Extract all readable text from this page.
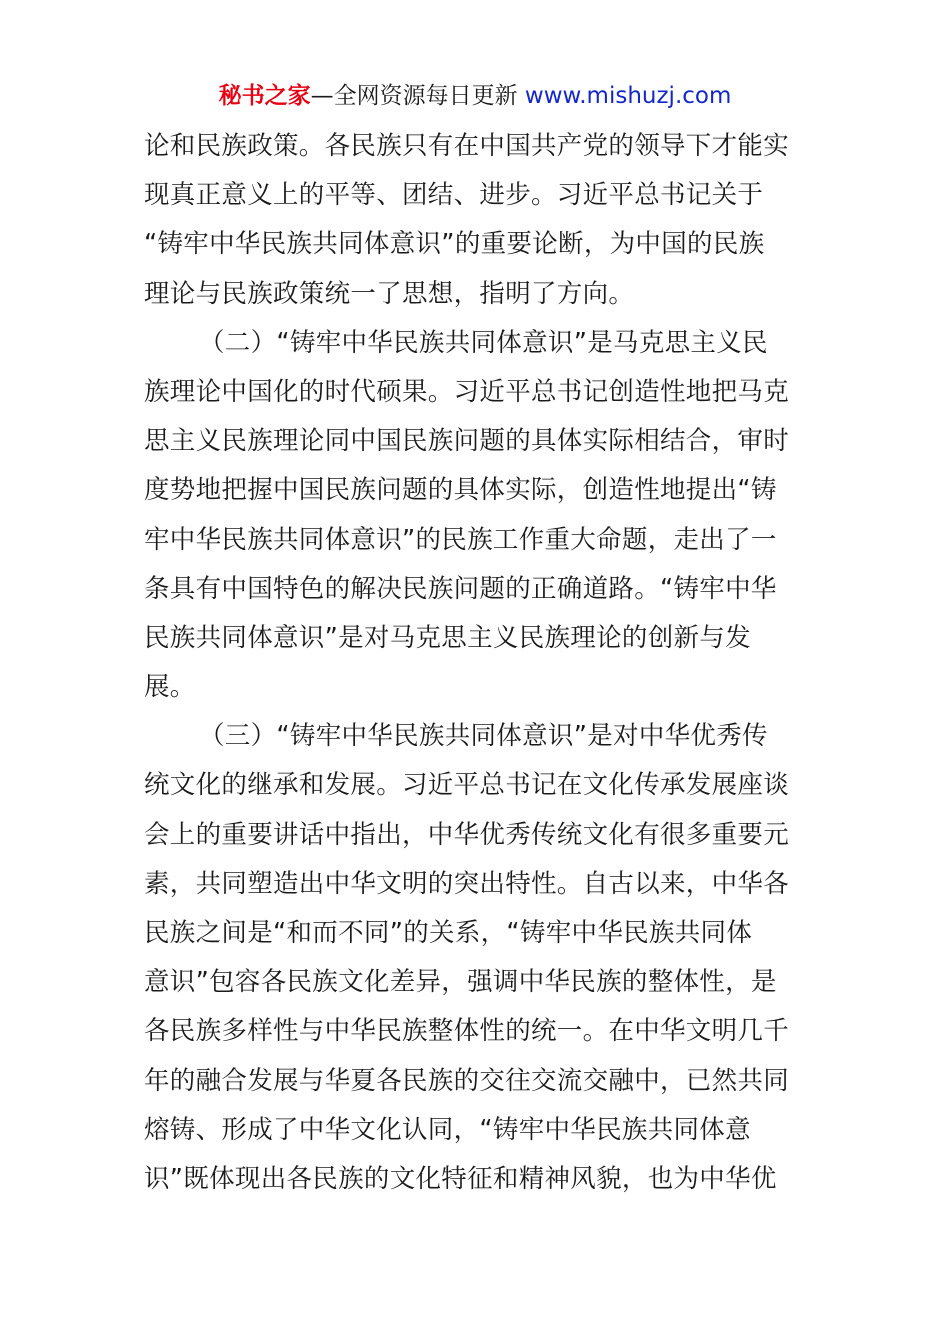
秘书之家—全网资源每日更新 www.mishuzj.com
论和民族政策。各民族只有在中国共产党的领导下才能实
现真正意义上的平等、团结、进步。习近平总书记关于
“铸牢中华民族共同体意识”的重要论断，为中国的民族
理论与民族政策统一了思想，指明了方向。
（二）“铸牢中华民族共同体意识”是马克思主义民
族理论中国化的时代硕果。习近平总书记创造性地把马克
思主义民族理论同中国民族问题的具体实际相结合，审时
度势地把握中国民族问题的具体实际，创造性地提出“铸
牢中华民族共同体意识”的民族工作重大命题，走出了一
条具有中国特色的解决民族问题的正确道路。“铸牢中华
民族共同体意识”是对马克思主义民族理论的创新与发
展。
（三）“铸牢中华民族共同体意识”是对中华优秀传
统文化的继承和发展。习近平总书记在文化传承发展座谈
会上的重要讲话中指出，中华优秀传统文化有很多重要元
素，共同塑造出中华文明的突出特性。自古以来，中华各
民族之间是“和而不同”的关系，“铸牢中华民族共同体
意识”包容各民族文化差异，强调中华民族的整体性，是
各民族多样性与中华民族整体性的统一。在中华文明几千
年的融合发展与华夏各民族的交往交流交融中，已然共同
熔铸、形成了中华文化认同，“铸牢中华民族共同体意
识”既体现出各民族的文化特征和精神风貌，也为中华优
